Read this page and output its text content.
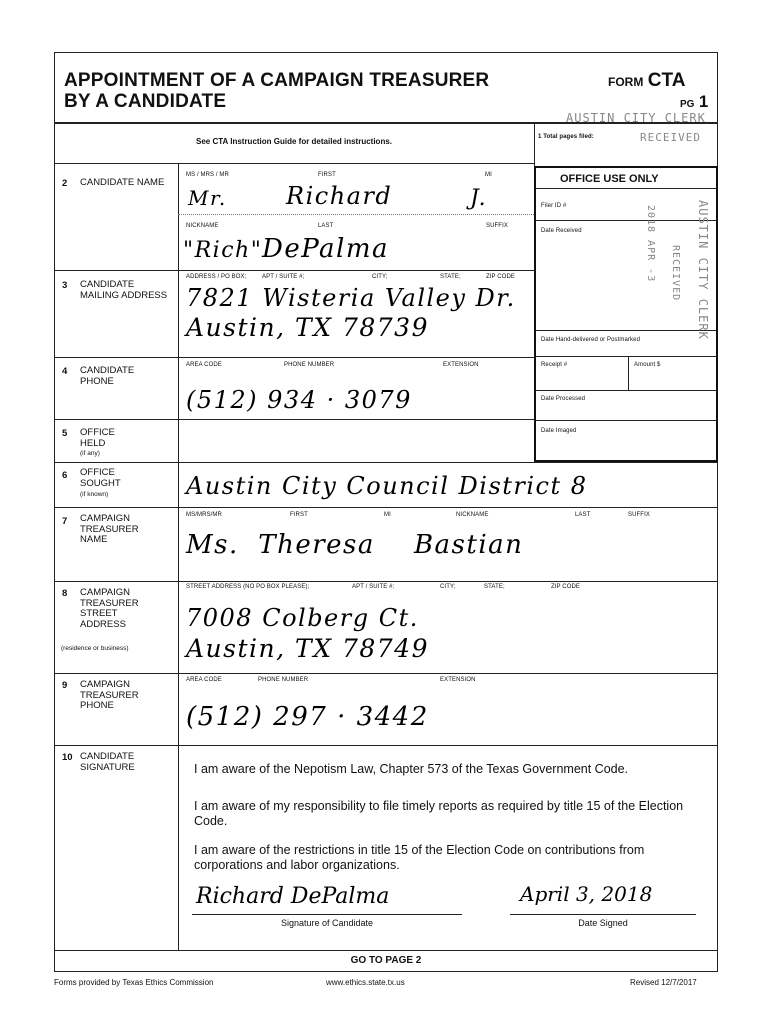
APPOINTMENT OF A CAMPAIGN TREASURER
BY A CANDIDATE
FORM CTA
PG 1
AUSTIN CITY CLERK
See CTA Instruction Guide for detailed instructions.	1 Total pages filed:	RECEIVED
OFFICE USE ONLY
Filer ID #
Date Received
Date Hand-delivered or Postmarked
Receipt #	Amount $
Date Processed
Date Imaged
AUSTIN CITY CLERK
RECEIVED
2018 APR -3
2 CANDIDATE NAME
MS / MRS / MR	FIRST	MI
Mr. Richard	J.
NICKNAME	LAST	SUFFIX
"Rich" DePalma
3 CANDIDATE MAILING ADDRESS
ADDRESS / PO BOX;	APT / SUITE #;	CITY;	STATE;	ZIP CODE
7821 Wisteria Valley Dr.
Austin, TX 78739
4 CANDIDATE PHONE
AREA CODE	PHONE NUMBER	EXTENSION
(512) 934 · 3079
5 OFFICE HELD
(if any)
6 OFFICE SOUGHT
(if known)	Austin City Council District 8
7 CAMPAIGN TREASURER NAME
MS/MRS/MR	FIRST	MI	NICKNAME	LAST	SUFFIX
Ms.  Theresa    Bastian
8 CAMPAIGN TREASURER STREET ADDRESS
(residence or business)
STREET ADDRESS (NO PO BOX PLEASE);	APT / SUITE #;	CITY;	STATE;	ZIP CODE
7008 Colberg Ct.
Austin, TX 78749
9 CAMPAIGN TREASURER PHONE
AREA CODE	PHONE NUMBER	EXTENSION
(512) 297 · 3442
10 CANDIDATE SIGNATURE	I am aware of the Nepotism Law, Chapter 573 of the Texas Government Code.
I am aware of my responsibility to file timely reports as required by title 15 of the Election Code.
I am aware of the restrictions in title 15 of the Election Code on contributions from corporations and labor organizations.
Richard DePalma	April 3, 2018
Signature of Candidate	Date Signed
GO TO PAGE 2
Forms provided by Texas Ethics Commission	www.ethics.state.tx.us	Revised 12/7/2017
